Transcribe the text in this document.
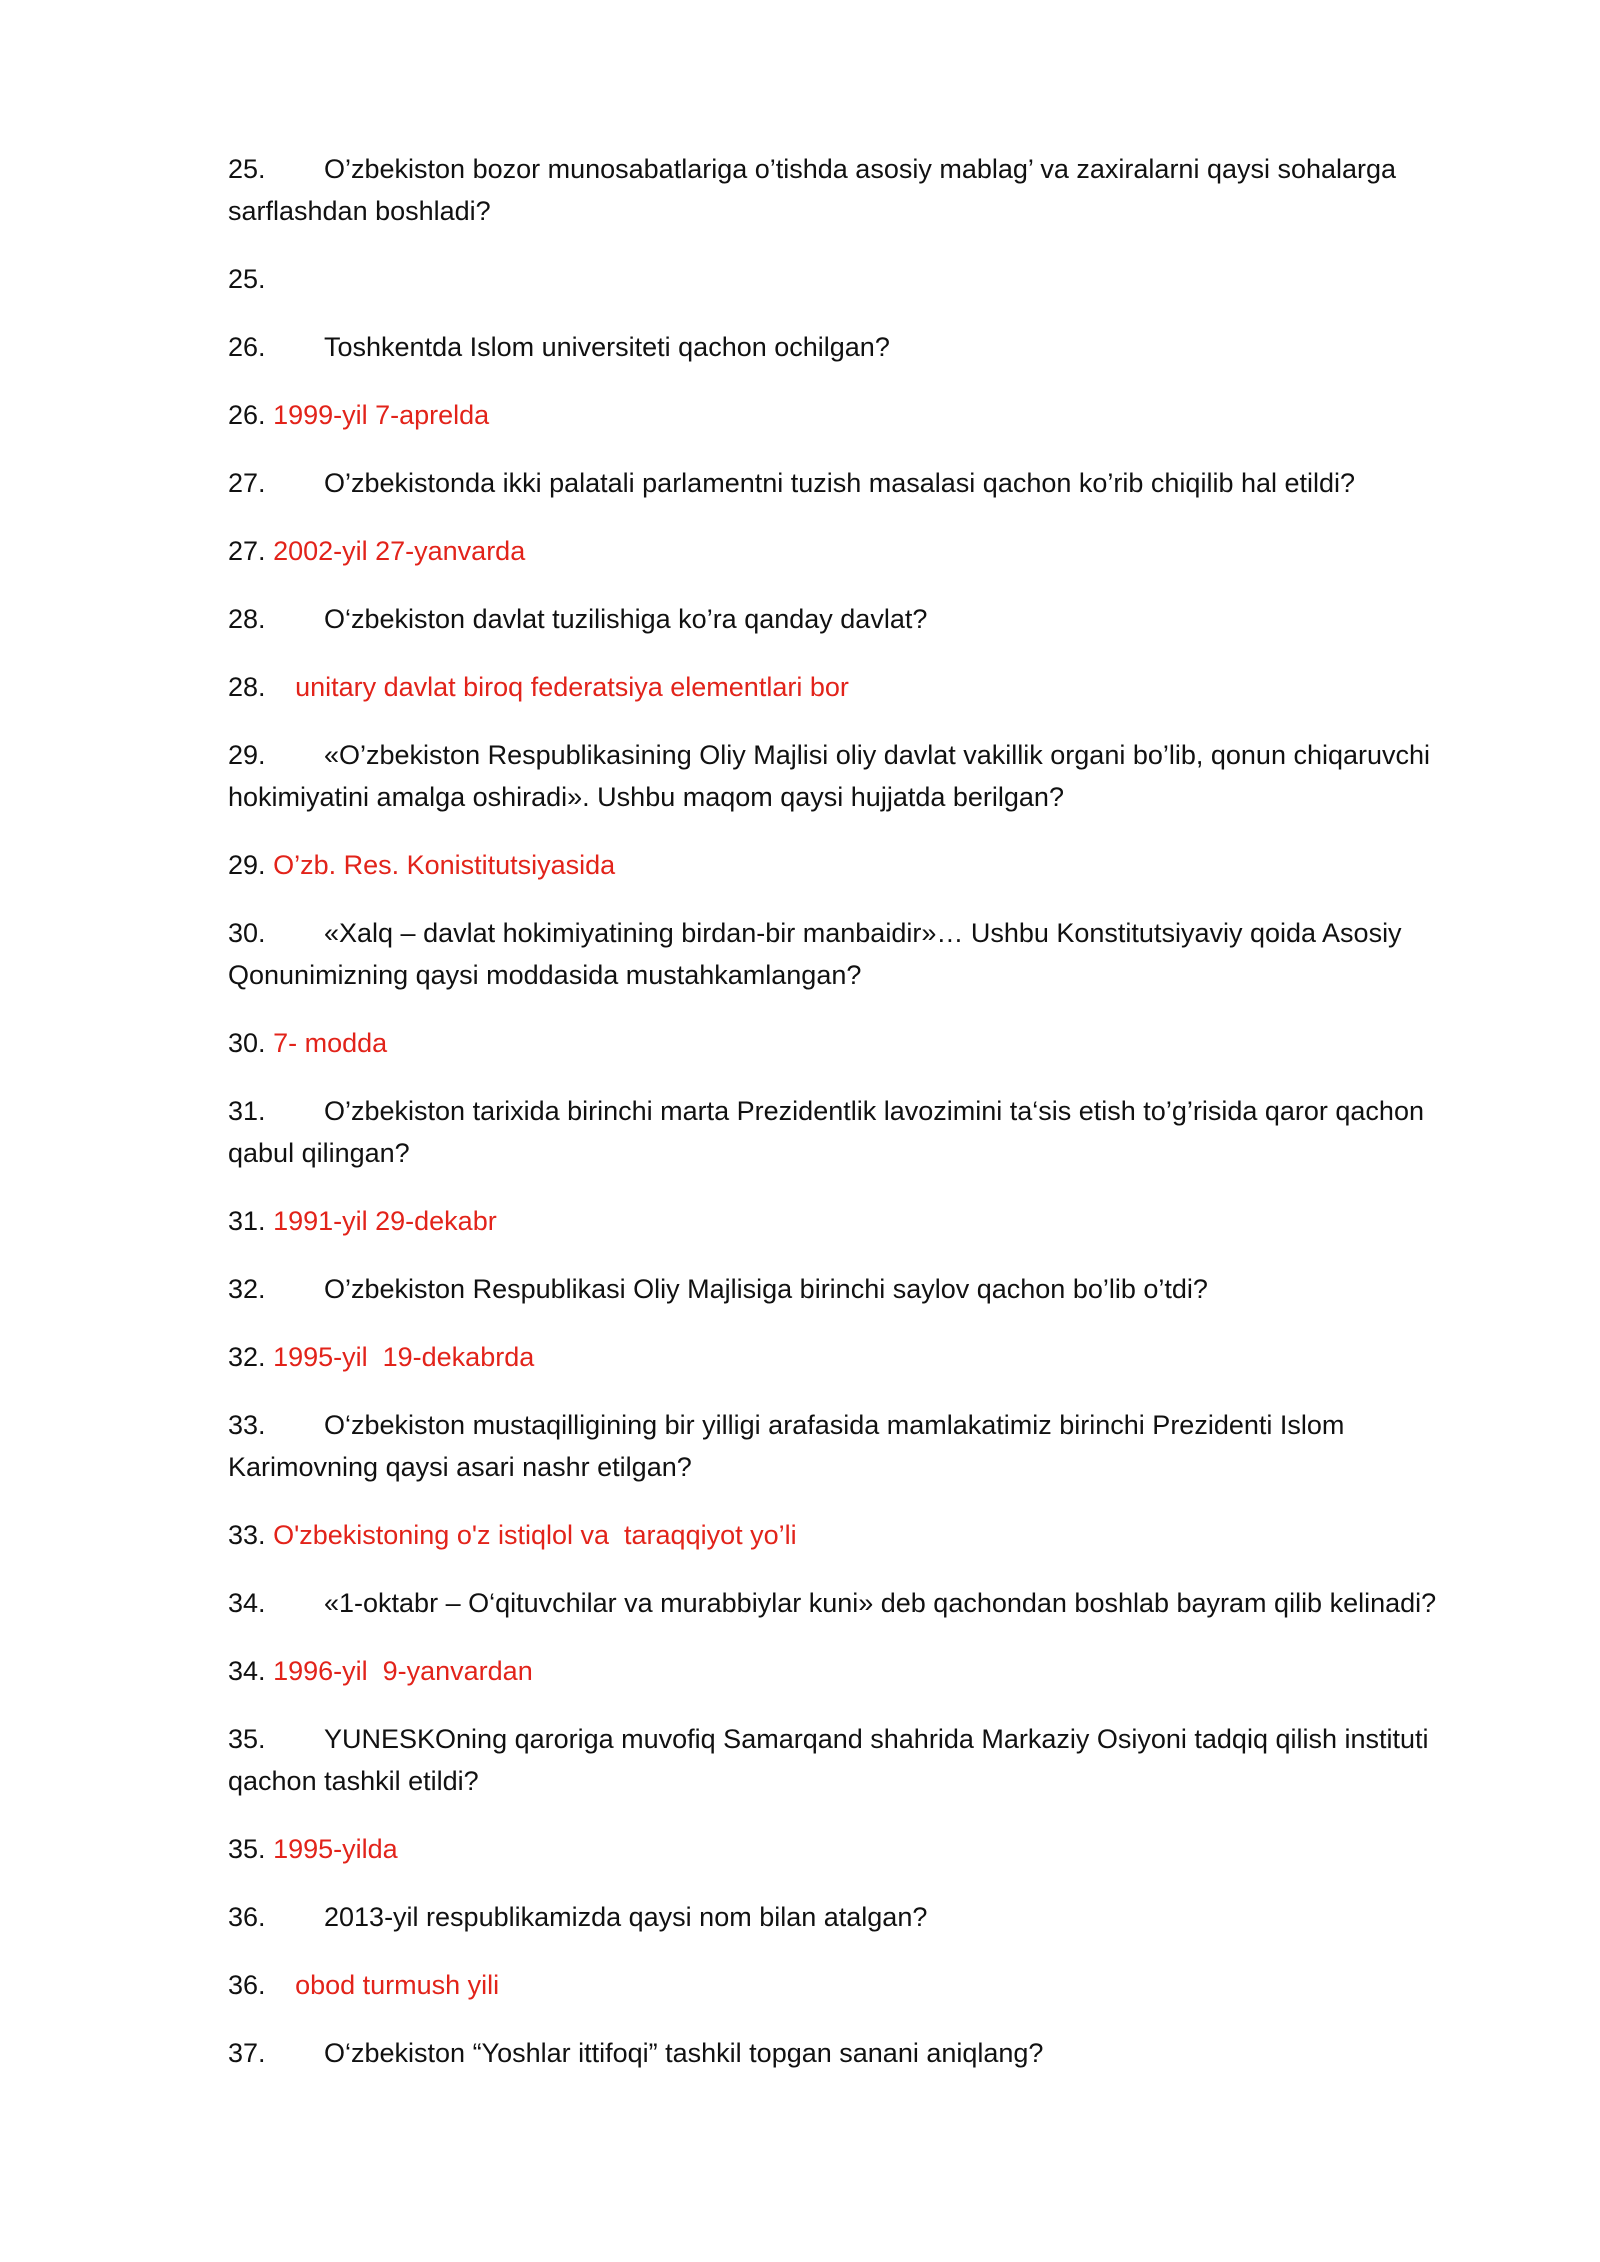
25. O’zbekiston bozor munosabatlariga o’tishda asosiy mablag’ va zaxiralarni qaysi sohalarga sarflashdan boshladi?

25.

26. Toshkentda Islom universiteti qachon ochilgan?

26. 1999-yil 7-aprelda

27. O’zbekistonda ikki palatali parlamentni tuzish masalasi qachon ko’rib chiqilib hal etildi?

27. 2002-yil 27-yanvarda

28. O‘zbekiston davlat tuzilishiga ko’ra qanday davlat?

28. unitary davlat biroq federatsiya elementlari bor

29. «O’zbekiston Respublikasining Oliy Majlisi oliy davlat vakillik organi bo’lib, qonun chiqaruvchi hokimiyatini amalga oshiradi». Ushbu maqom qaysi hujjatda berilgan?

29. O’zb. Res. Konistitutsiyasida

30. «Xalq – davlat hokimiyatining birdan-bir manbaidir»… Ushbu Konstitutsiyaviy qoida Asosiy Qonunimizning qaysi moddasida mustahkamlangan?

30. 7- modda

31. O’zbekiston tarixida birinchi marta Prezidentlik lavozimini ta‘sis etish to’g’risida qaror qachon qabul qilingan?

31. 1991-yil 29-dekabr

32. O’zbekiston Respublikasi Oliy Majlisiga birinchi saylov qachon bo’lib o’tdi?

32. 1995-yil  19-dekabrda

33. O‘zbekiston mustaqilligining bir yilligi arafasida mamlakatimiz birinchi Prezidenti Islom Karimovning qaysi asari nashr etilgan?

33. O'zbekistoning o'z istiqlol va  taraqqiyot yo’li

34. «1-oktabr – O‘qituvchilar va murabbiylar kuni» deb qachondan boshlab bayram qilib kelinadi?

34. 1996-yil  9-yanvardan

35. YUNESKOning qaroriga muvofiq Samarqand shahrida Markaziy Osiyoni tadqiq qilish instituti qachon tashkil etildi?

35. 1995-yilda

36. 2013-yil respublikamizda qaysi nom bilan atalgan?

36. obod turmush yili

37. O‘zbekiston “Yoshlar ittifoqi” tashkil topgan sanani aniqlang?
